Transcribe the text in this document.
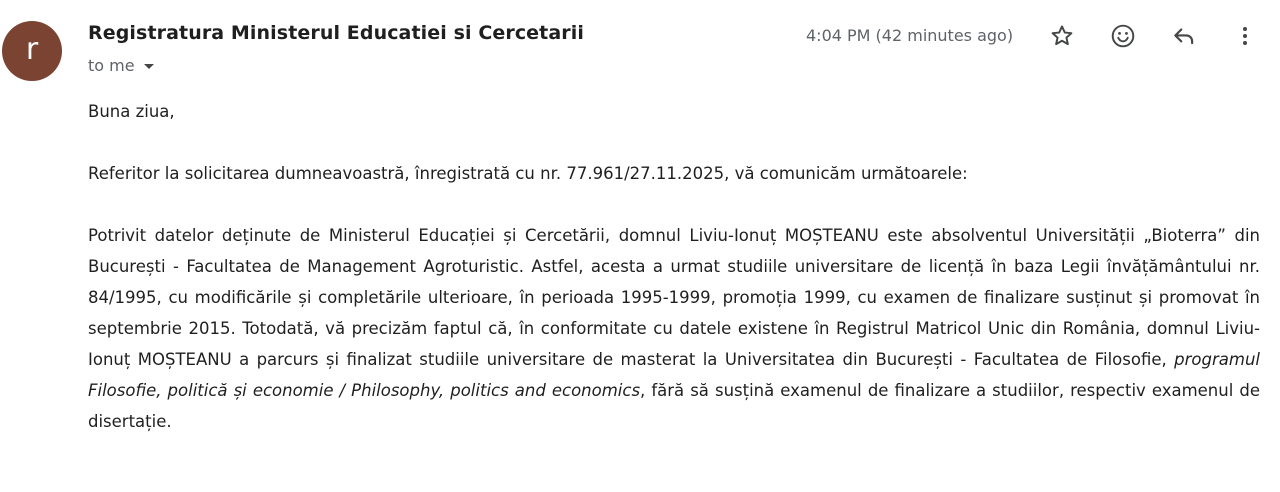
r	Registratura Ministerul Educatiei si Cercetarii
to me
4:04 PM (42 minutes ago)

Buna ziua,

Referitor la solicitarea dumneavoastră, înregistrată cu nr. 77.961/27.11.2025, vă comunicăm următoarele:

Potrivit datelor deținute de Ministerul Educației și Cercetării, domnul Liviu-Ionuț MOȘTEANU este absolventul Universității „Bioterra” din București - Facultatea de Management Agroturistic. Astfel, acesta a urmat studiile universitare de licență în baza Legii învățământului nr. 84/1995, cu modificările și completările ulterioare, în perioada 1995-1999, promoția 1999, cu examen de finalizare susținut și promovat în septembrie 2015. Totodată, vă precizăm faptul că, în conformitate cu datele existene în Registrul Matricol Unic din România, domnul Liviu-Ionuț MOȘTEANU a parcurs și finalizat studiile universitare de masterat la Universitatea din București - Facultatea de Filosofie, programul Filosofie, politică și economie / Philosophy, politics and economics, fără să susțină examenul de finalizare a studiilor, respectiv examenul de disertație.
